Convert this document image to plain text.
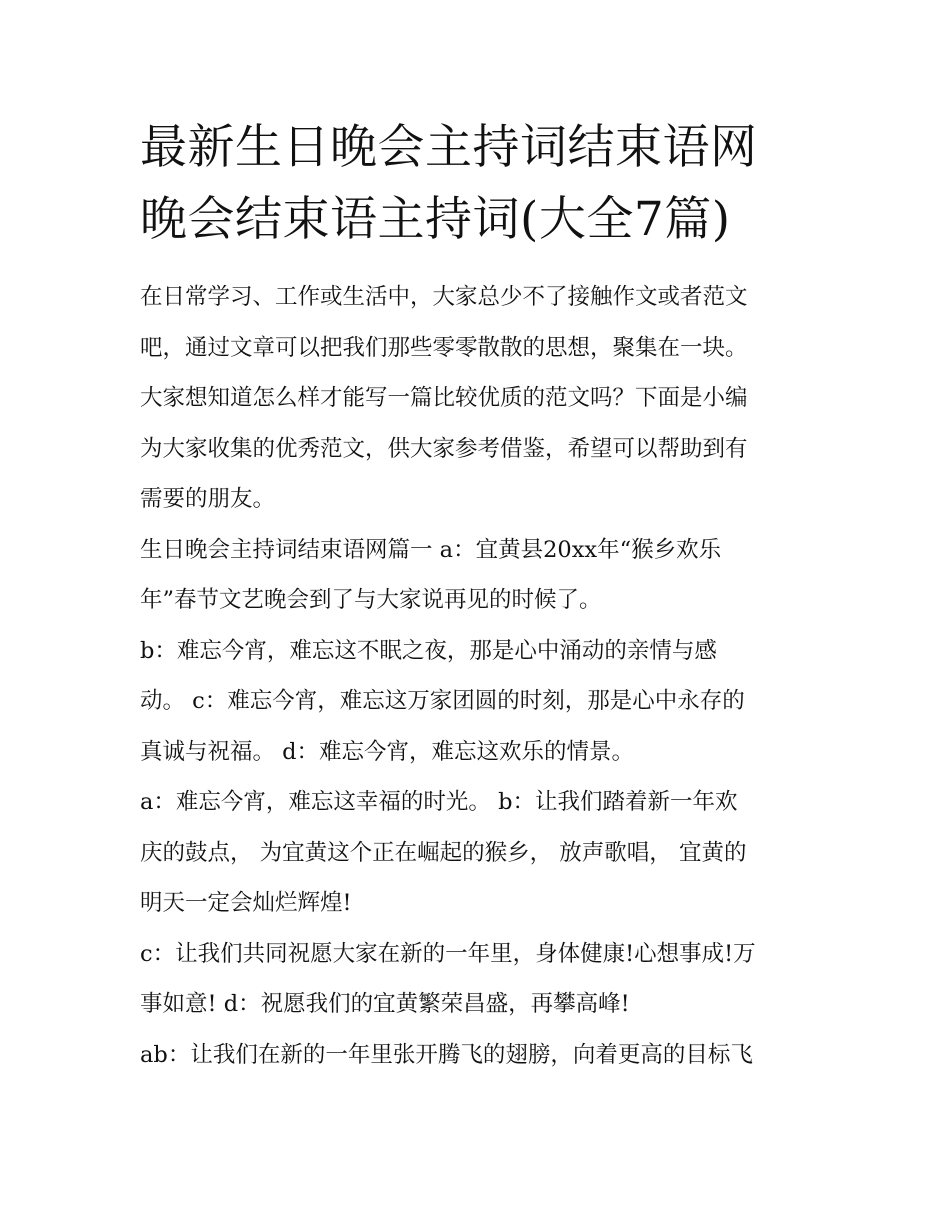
最新生日晚会主持词结束语网
晚会结束语主持词(大全7篇)
在日常学习、工作或生活中，大家总少不了接触作文或者范文
吧，通过文章可以把我们那些零零散散的思想，聚集在一块。
大家想知道怎么样才能写一篇比较优质的范文吗？下面是小编
为大家收集的优秀范文，供大家参考借鉴，希望可以帮助到有
需要的朋友。
生日晚会主持词结束语网篇一 a：宜黄县20xx年“猴乡欢乐
年”春节文艺晚会到了与大家说再见的时候了。
b：难忘今宵，难忘这不眠之夜，那是心中涌动的亲情与感
动。 c：难忘今宵，难忘这万家团圆的时刻，那是心中永存的
真诚与祝福。 d：难忘今宵，难忘这欢乐的情景。
a：难忘今宵，难忘这幸福的时光。 b：让我们踏着新一年欢
庆的鼓点， 为宜黄这个正在崛起的猴乡， 放声歌唱， 宜黄的
明天一定会灿烂辉煌!
c：让我们共同祝愿大家在新的一年里，身体健康!心想事成!万
事如意! d：祝愿我们的宜黄繁荣昌盛，再攀高峰!
ab：让我们在新的一年里张开腾飞的翅膀，向着更高的目标飞
